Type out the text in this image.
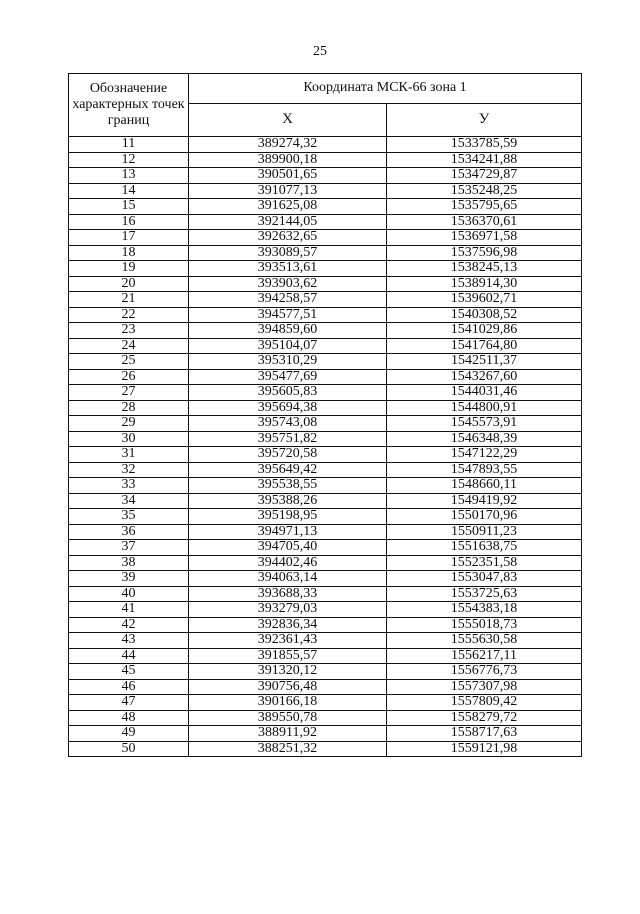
25
Обозначение характерных точек границ	Координата МСК-66 зона 1	
	Х	У
11	389274,32	1533785,59
12	389900,18	1534241,88
13	390501,65	1534729,87
14	391077,13	1535248,25
15	391625,08	1535795,65
16	392144,05	1536370,61
17	392632,65	1536971,58
18	393089,57	1537596,98
19	393513,61	1538245,13
20	393903,62	1538914,30
21	394258,57	1539602,71
22	394577,51	1540308,52
23	394859,60	1541029,86
24	395104,07	1541764,80
25	395310,29	1542511,37
26	395477,69	1543267,60
27	395605,83	1544031,46
28	395694,38	1544800,91
29	395743,08	1545573,91
30	395751,82	1546348,39
31	395720,58	1547122,29
32	395649,42	1547893,55
33	395538,55	1548660,11
34	395388,26	1549419,92
35	395198,95	1550170,96
36	394971,13	1550911,23
37	394705,40	1551638,75
38	394402,46	1552351,58
39	394063,14	1553047,83
40	393688,33	1553725,63
41	393279,03	1554383,18
42	392836,34	1555018,73
43	392361,43	1555630,58
44	391855,57	1556217,11
45	391320,12	1556776,73
46	390756,48	1557307,98
47	390166,18	1557809,42
48	389550,78	1558279,72
49	388911,92	1558717,63
50	388251,32	1559121,98
